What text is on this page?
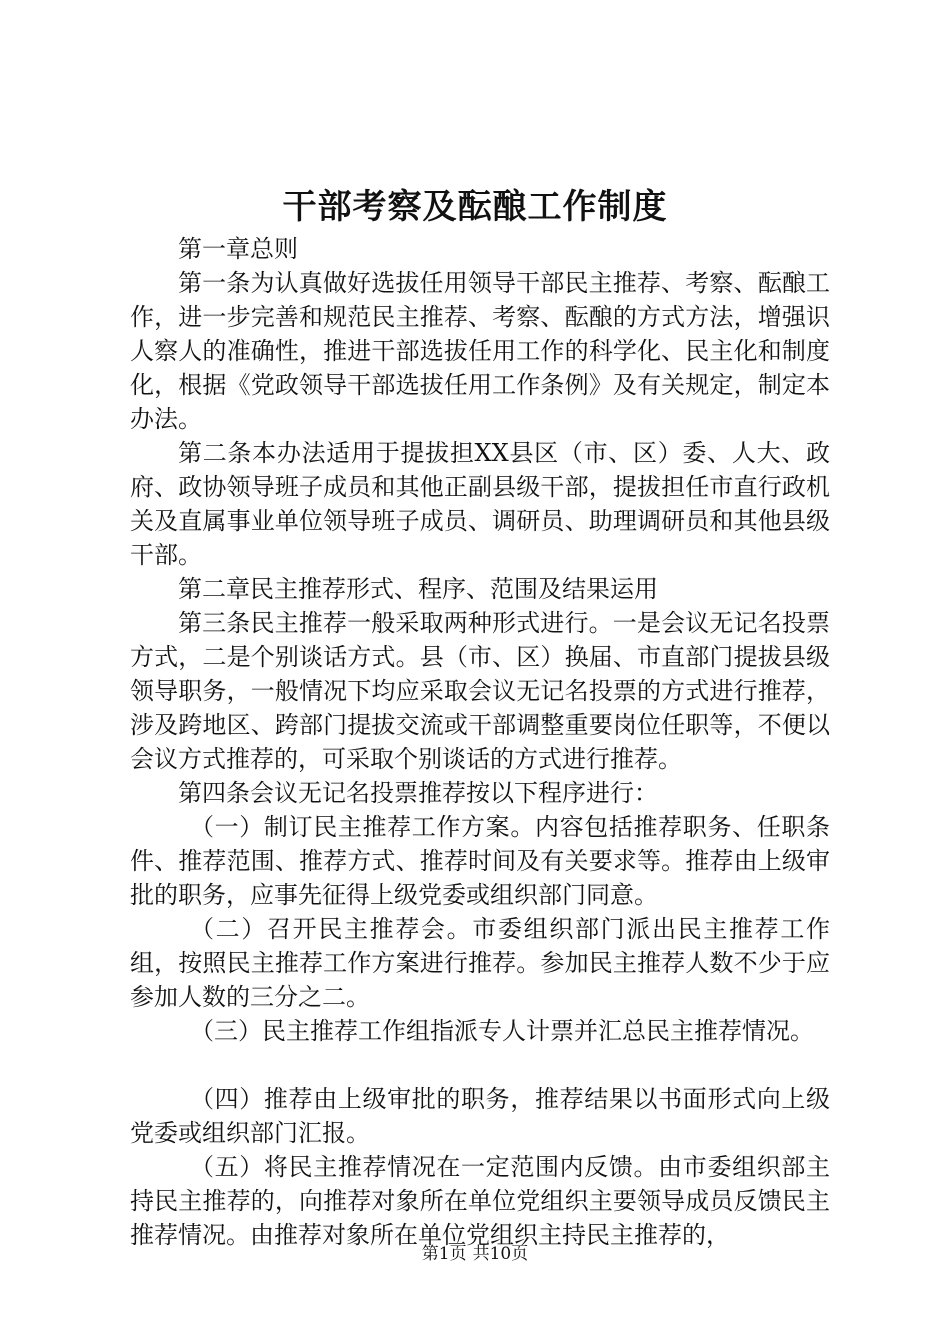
干部考察及酝酿工作制度

第一章总则

第一条为认真做好选拔任用领导干部民主推荐、考察、酝酿工作，进一步完善和规范民主推荐、考察、酝酿的方式方法，增强识人察人的准确性，推进干部选拔任用工作的科学化、民主化和制度化，根据《党政领导干部选拔任用工作条例》及有关规定，制定本办法。

第二条本办法适用于提拔担XX县区（市、区）委、人大、政府、政协领导班子成员和其他正副县级干部，提拔担任市直行政机关及直属事业单位领导班子成员、调研员、助理调研员和其他县级干部。

第二章民主推荐形式、程序、范围及结果运用

第三条民主推荐一般采取两种形式进行。一是会议无记名投票方式，二是个别谈话方式。县（市、区）换届、市直部门提拔县级领导职务，一般情况下均应采取会议无记名投票的方式进行推荐，涉及跨地区、跨部门提拔交流或干部调整重要岗位任职等，不便以会议方式推荐的，可采取个别谈话的方式进行推荐。

第四条会议无记名投票推荐按以下程序进行：

（一）制订民主推荐工作方案。内容包括推荐职务、任职条件、推荐范围、推荐方式、推荐时间及有关要求等。推荐由上级审批的职务，应事先征得上级党委或组织部门同意。

（二）召开民主推荐会。市委组织部门派出民主推荐工作组，按照民主推荐工作方案进行推荐。参加民主推荐人数不少于应参加人数的三分之二。

（三）民主推荐工作组指派专人计票并汇总民主推荐情况。

（四）推荐由上级审批的职务，推荐结果以书面形式向上级党委或组织部门汇报。

（五）将民主推荐情况在一定范围内反馈。由市委组织部主持民主推荐的，向推荐对象所在单位党组织主要领导成员反馈民主推荐情况。由推荐对象所在单位党组织主持民主推荐的，

第1页 共10页
